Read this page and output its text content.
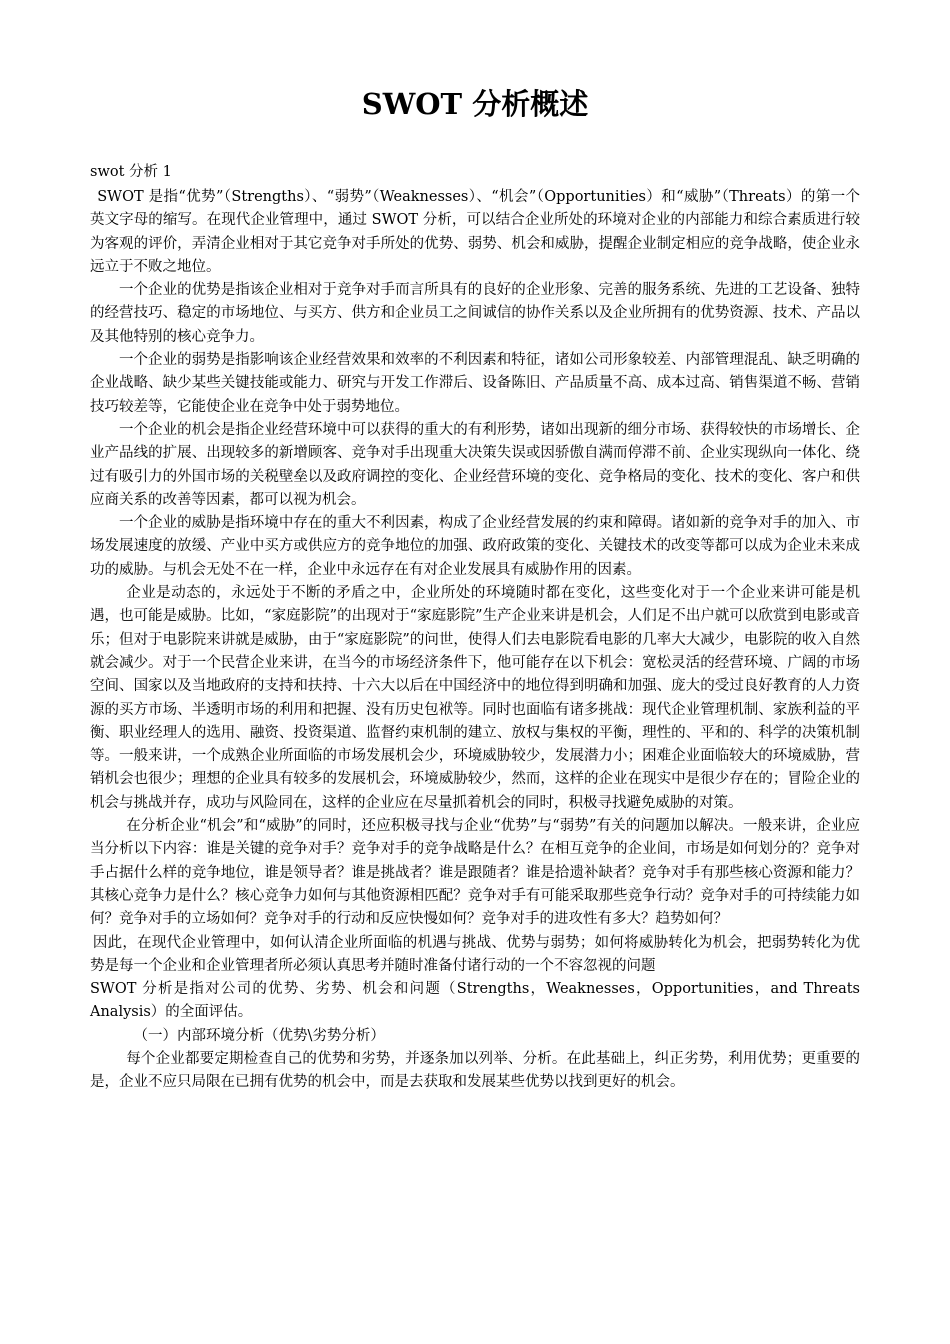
SWOT 分析概述

swot 分析 1

SWOT 是指“优势”（Strengths）、“弱势”（Weaknesses）、“机会”（Opportunities）和“威胁”（Threats）的第一个英文字母的缩写。在现代企业管理中，通过 SWOT 分析，可以结合企业所处的环境对企业的内部能力和综合素质进行较为客观的评价，弄清企业相对于其它竞争对手所处的优势、弱势、机会和威胁，提醒企业制定相应的竞争战略，使企业永远立于不败之地位。

一个企业的优势是指该企业相对于竞争对手而言所具有的良好的企业形象、完善的服务系统、先进的工艺设备、独特的经营技巧、稳定的市场地位、与买方、供方和企业员工之间诚信的协作关系以及企业所拥有的优势资源、技术、产品以及其他特别的核心竞争力。

一个企业的弱势是指影响该企业经营效果和效率的不利因素和特征，诸如公司形象较差、内部管理混乱、缺乏明确的企业战略、缺少某些关键技能或能力、研究与开发工作滞后、设备陈旧、产品质量不高、成本过高、销售渠道不畅、营销技巧较差等，它能使企业在竞争中处于弱势地位。

一个企业的机会是指企业经营环境中可以获得的重大的有利形势，诸如出现新的细分市场、获得较快的市场增长、企业产品线的扩展、出现较多的新增顾客、竞争对手出现重大决策失误或因骄傲自满而停滞不前、企业实现纵向一体化、绕过有吸引力的外国市场的关税壁垒以及政府调控的变化、企业经营环境的变化、竞争格局的变化、技术的变化、客户和供应商关系的改善等因素，都可以视为机会。

一个企业的威胁是指环境中存在的重大不利因素，构成了企业经营发展的约束和障碍。诸如新的竞争对手的加入、市场发展速度的放缓、产业中买方或供应方的竞争地位的加强、政府政策的变化、关键技术的改变等都可以成为企业未来成功的威胁。与机会无处不在一样，企业中永远存在有对企业发展具有威胁作用的因素。

企业是动态的，永远处于不断的矛盾之中，企业所处的环境随时都在变化，这些变化对于一个企业来讲可能是机遇，也可能是威胁。比如，“家庭影院”的出现对于“家庭影院”生产企业来讲是机会，人们足不出户就可以欣赏到电影或音乐；但对于电影院来讲就是威胁，由于“家庭影院”的问世，使得人们去电影院看电影的几率大大减少，电影院的收入自然就会减少。对于一个民营企业来讲，在当今的市场经济条件下，他可能存在以下机会：宽松灵活的经营环境、广阔的市场空间、国家以及当地政府的支持和扶持、十六大以后在中国经济中的地位得到明确和加强、庞大的受过良好教育的人力资源的买方市场、半透明市场的利用和把握、没有历史包袱等。同时也面临有诸多挑战：现代企业管理机制、家族利益的平衡、职业经理人的选用、融资、投资渠道、监督约束机制的建立、放权与集权的平衡，理性的、平和的、科学的决策机制等。一般来讲，一个成熟企业所面临的市场发展机会少，环境威胁较少，发展潜力小；困难企业面临较大的环境威胁，营销机会也很少；理想的企业具有较多的发展机会，环境威胁较少，然而，这样的企业在现实中是很少存在的；冒险企业的机会与挑战并存，成功与风险同在，这样的企业应在尽量抓着机会的同时，积极寻找避免威胁的对策。

在分析企业“机会”和“威胁”的同时，还应积极寻找与企业“优势”与“弱势”有关的问题加以解决。一般来讲，企业应当分析以下内容：谁是关键的竞争对手？竞争对手的竞争战略是什么？在相互竞争的企业间，市场是如何划分的？竞争对手占据什么样的竞争地位，谁是领导者？谁是挑战者？谁是跟随者？谁是拾遗补缺者？竞争对手有那些核心资源和能力？其核心竞争力是什么？核心竞争力如何与其他资源相匹配？竞争对手有可能采取那些竞争行动？竞争对手的可持续能力如何？竞争对手的立场如何？竞争对手的行动和反应快慢如何？竞争对手的进攻性有多大？趋势如何？

因此，在现代企业管理中，如何认清企业所面临的机遇与挑战、优势与弱势；如何将威胁转化为机会，把弱势转化为优势是每一个企业和企业管理者所必须认真思考并随时准备付诸行动的一个不容忽视的问题

SWOT 分析是指对公司的优势、劣势、机会和问题（Strengths，Weaknesses，Opportunities，and Threats Analysis）的全面评估。

（一）内部环境分析（优势\劣势分析）

每个企业都要定期检查自己的优势和劣势，并逐条加以列举、分析。在此基础上，纠正劣势，利用优势；更重要的是，企业不应只局限在已拥有优势的机会中，而是去获取和发展某些优势以找到更好的机会。
